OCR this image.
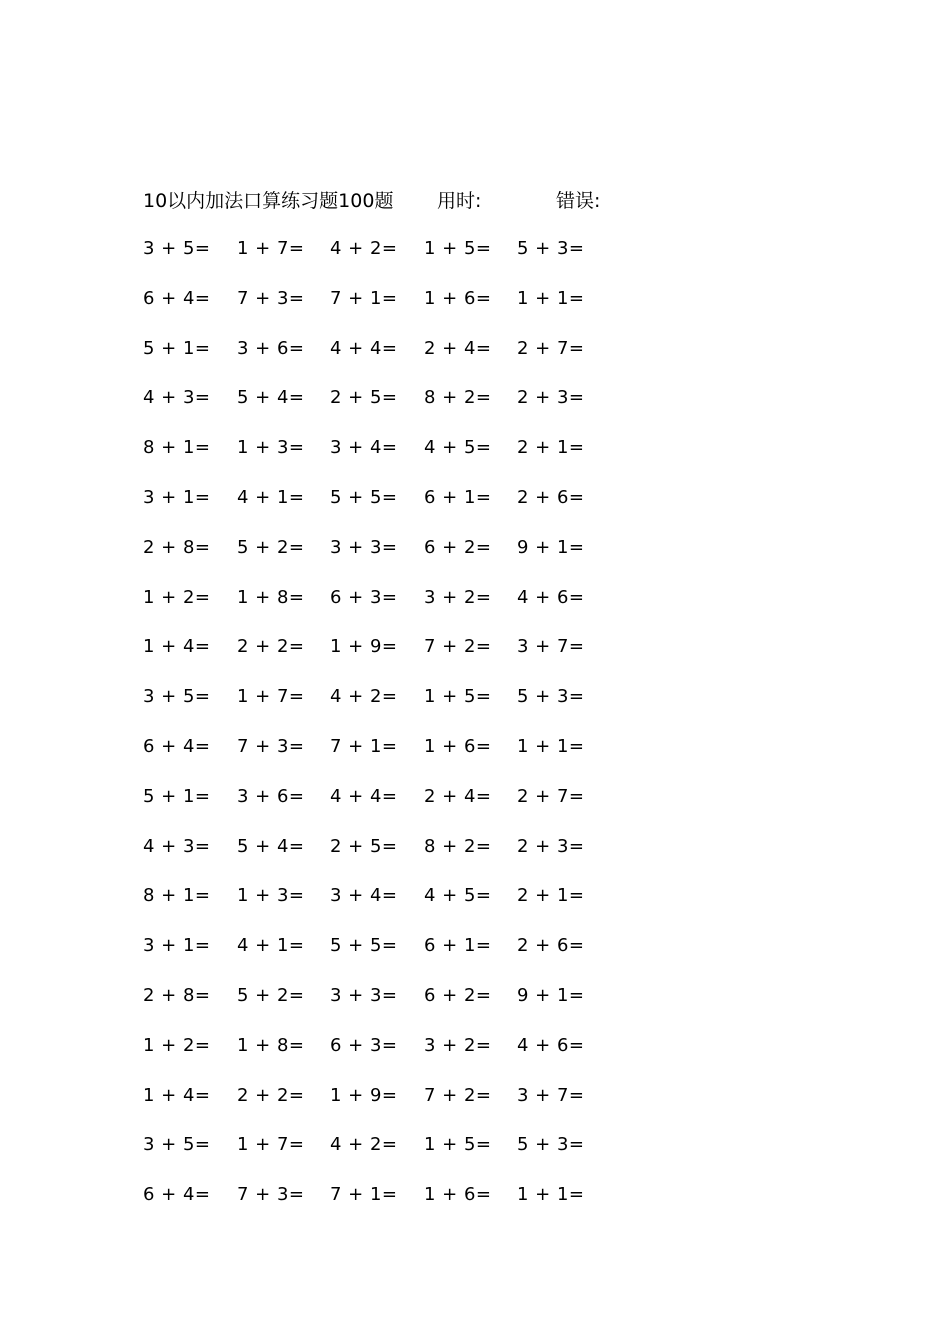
10以内加法口算练习题100题 用时:	错误:
3 + 5=	1 + 7=	4 + 2=	1 + 5=	5 + 3=
6 + 4=	7 + 3=	7 + 1=	1 + 6=	1 + 1=
5 + 1=	3 + 6=	4 + 4=	2 + 4=	2 + 7=
4 + 3=	5 + 4=	2 + 5=	8 + 2=	2 + 3=
8 + 1=	1 + 3=	3 + 4=	4 + 5=	2 + 1=
3 + 1=	4 + 1=	5 + 5=	6 + 1=	2 + 6=
2 + 8=	5 + 2=	3 + 3=	6 + 2=	9 + 1=
1 + 2=	1 + 8=	6 + 3=	3 + 2=	4 + 6=
1 + 4=	2 + 2=	1 + 9=	7 + 2=	3 + 7=
3 + 5=	1 + 7=	4 + 2=	1 + 5=	5 + 3=
6 + 4=	7 + 3=	7 + 1=	1 + 6=	1 + 1=
5 + 1=	3 + 6=	4 + 4=	2 + 4=	2 + 7=
4 + 3=	5 + 4=	2 + 5=	8 + 2=	2 + 3=
8 + 1=	1 + 3=	3 + 4=	4 + 5=	2 + 1=
3 + 1=	4 + 1=	5 + 5=	6 + 1=	2 + 6=
2 + 8=	5 + 2=	3 + 3=	6 + 2=	9 + 1=
1 + 2=	1 + 8=	6 + 3=	3 + 2=	4 + 6=
1 + 4=	2 + 2=	1 + 9=	7 + 2=	3 + 7=
3 + 5=	1 + 7=	4 + 2=	1 + 5=	5 + 3=
6 + 4=	7 + 3=	7 + 1=	1 + 6=	1 + 1=
